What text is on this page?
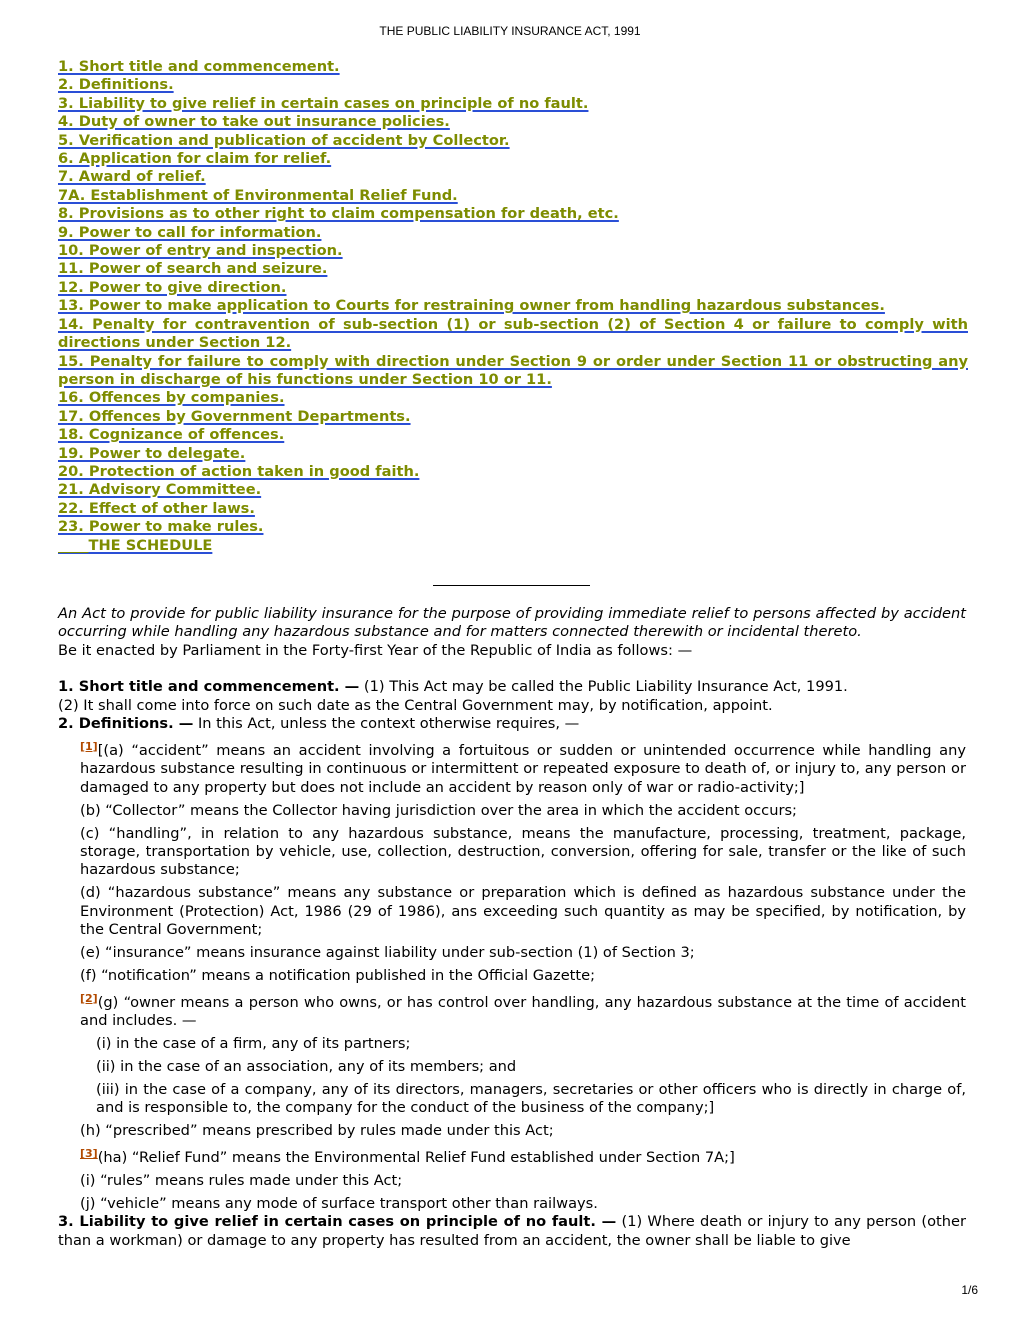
THE PUBLIC LIABILITY INSURANCE ACT, 1991
1. Short title and commencement.
2. Definitions.
3. Liability to give relief in certain cases on principle of no fault.
4. Duty of owner to take out insurance policies.
5. Verification and publication of accident by Collector.
6. Application for claim for relief.
7. Award of relief.
7A. Establishment of Environmental Relief Fund.
8. Provisions as to other right to claim compensation for death, etc.
9. Power to call for information.
10. Power of entry and inspection.
11. Power of search and seizure.
12. Power to give direction.
13. Power to make application to Courts for restraining owner from handling hazardous substances.
14. Penalty for contravention of sub-section (1) or sub-section (2) of Section 4 or failure to comply with directions under Section 12.
15. Penalty for failure to comply with direction under Section 9 or order under Section 11 or obstructing any person in discharge of his functions under Section 10 or 11.
16. Offences by companies.
17. Offences by Government Departments.
18. Cognizance of offences.
19. Power to delegate.
20. Protection of action taken in good faith.
21. Advisory Committee.
22. Effect of other laws.
23. Power to make rules.
THE SCHEDULE

An Act to provide for public liability insurance for the purpose of providing immediate relief to persons affected by accident occurring while handling any hazardous substance and for matters connected therewith or incidental thereto.

Be it enacted by Parliament in the Forty-first Year of the Republic of India as follows: —

1. Short title and commencement. — (1) This Act may be called the Public Liability Insurance Act, 1991.

(2) It shall come into force on such date as the Central Government may, by notification, appoint.

2. Definitions. — In this Act, unless the context otherwise requires, —

[1][(a) “accident” means an accident involving a fortuitous or sudden or unintended occurrence while handling any hazardous substance resulting in continuous or intermittent or repeated exposure to death of, or injury to, any person or damaged to any property but does not include an accident by reason only of war or radio-activity;]

(b) “Collector” means the Collector having jurisdiction over the area in which the accident occurs;

(c) “handling”, in relation to any hazardous substance, means the manufacture, processing, treatment, package, storage, transportation by vehicle, use, collection, destruction, conversion, offering for sale, transfer or the like of such hazardous substance;

(d) “hazardous substance” means any substance or preparation which is defined as hazardous substance under the Environment (Protection) Act, 1986 (29 of 1986), ans exceeding such quantity as may be specified, by notification, by the Central Government;

(e) “insurance” means insurance against liability under sub-section (1) of Section 3;

(f) “notification” means a notification published in the Official Gazette;

[2](g) “owner means a person who owns, or has control over handling, any hazardous substance at the time of accident and includes. —

(i) in the case of a firm, any of its partners;

(ii) in the case of an association, any of its members; and

(iii) in the case of a company, any of its directors, managers, secretaries or other officers who is directly in charge of, and is responsible to, the company for the conduct of the business of the company;]

(h) “prescribed” means prescribed by rules made under this Act;

[3](ha) “Relief Fund” means the Environmental Relief Fund established under Section 7A;]

(i) “rules” means rules made under this Act;

(j) “vehicle” means any mode of surface transport other than railways.

3. Liability to give relief in certain cases on principle of no fault. — (1) Where death or injury to any person (other than a workman) or damage to any property has resulted from an accident, the owner shall be liable to give

1/6
